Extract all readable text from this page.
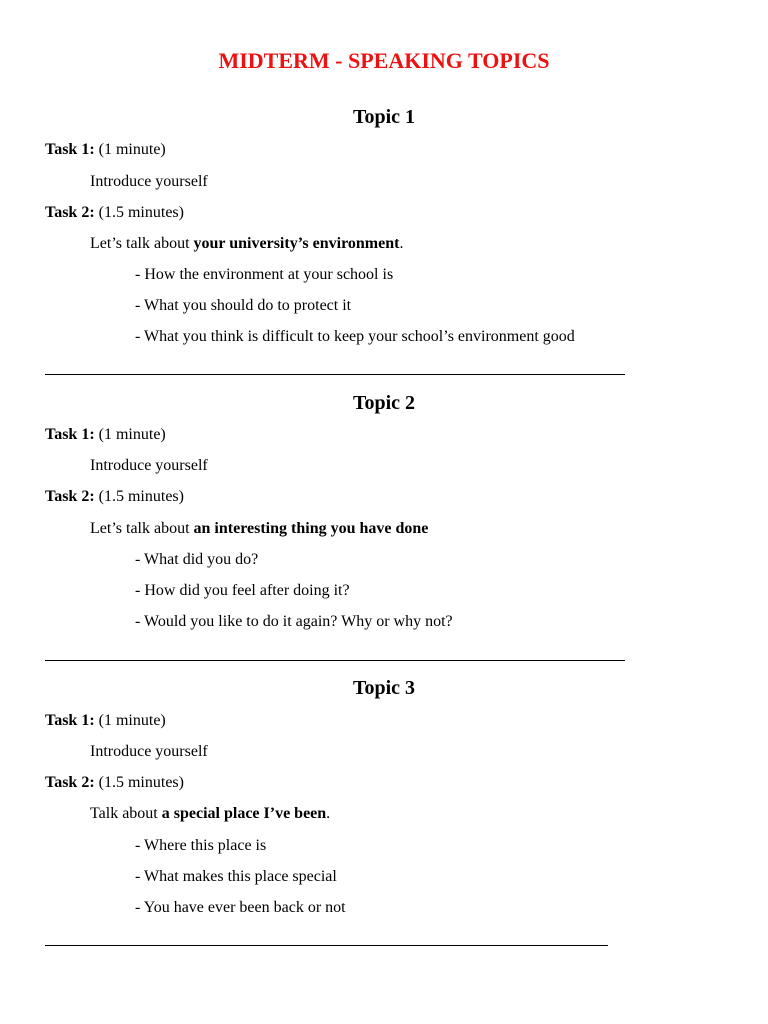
MIDTERM - SPEAKING TOPICS
Topic 1
Task 1: (1 minute)
Introduce yourself
Task 2: (1.5 minutes)
Let’s talk about your university’s environment.
- How the environment at your school is
- What you should do to protect it
- What you think is difficult to keep your school’s environment good
Topic 2
Task 1: (1 minute)
Introduce yourself
Task 2: (1.5 minutes)
Let’s talk about an interesting thing you have done
- What did you do?
- How did you feel after doing it?
- Would you like to do it again? Why or why not?
Topic 3
Task 1: (1 minute)
Introduce yourself
Task 2: (1.5 minutes)
Talk about a special place I’ve been.
- Where this place is
- What makes this place special
- You have ever been back or not
